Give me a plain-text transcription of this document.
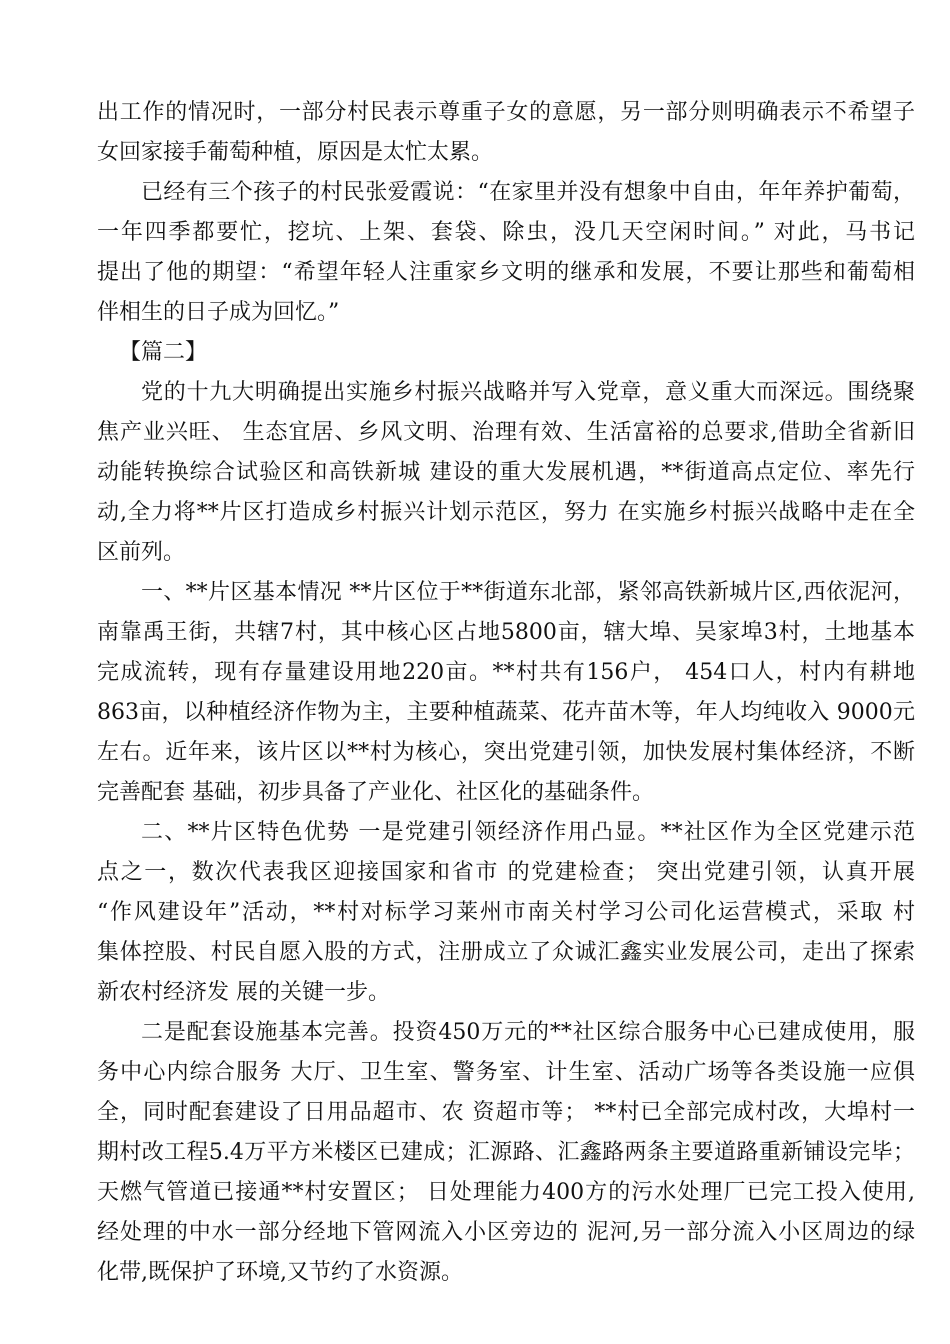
出工作的情况时，一部分村民表示尊重子女的意愿，另一部分则明确表示不希望子
女回家接手葡萄种植，原因是太忙太累。
已经有三个孩子的村民张爱霞说：“在家里并没有想象中自由，年年养护葡萄，
一年四季都要忙，挖坑、上架、套袋、除虫，没几天空闲时间。” 对此，马书记
提出了他的期望：“希望年轻人注重家乡文明的继承和发展，不要让那些和葡萄相
伴相生的日子成为回忆。”
【篇二】
党的十九大明确提出实施乡村振兴战略并写入党章，意义重大而深远。围绕聚
焦产业兴旺、 生态宜居、乡风文明、治理有效、生活富裕的总要求,借助全省新旧
动能转换综合试验区和高铁新城 建设的重大发展机遇，**街道高点定位、率先行
动,全力将**片区打造成乡村振兴计划示范区，努力 在实施乡村振兴战略中走在全
区前列。
一、**片区基本情况 **片区位于**街道东北部，紧邻高铁新城片区,西依泥河，
南靠禹王街，共辖7村，其中核心区占地5800亩，辖大埠、吴家埠3村，土地基本
完成流转，现有存量建设用地220亩。**村共有156户， 454口人，村内有耕地
863亩，以种植经济作物为主，主要种植蔬菜、花卉苗木等，年人均纯收入 9000元
左右。近年来，该片区以**村为核心，突出党建引领，加快发展村集体经济，不断
完善配套 基础，初步具备了产业化、社区化的基础条件。
二、**片区特色优势 一是党建引领经济作用凸显。**社区作为全区党建示范
点之一，数次代表我区迎接国家和省市 的党建检查； 突出党建引领，认真开展
“作风建设年”活动，**村对标学习莱州市南关村学习公司化运营模式，采取 村
集体控股、村民自愿入股的方式，注册成立了众诚汇鑫实业发展公司，走出了探索
新农村经济发 展的关键一步。
二是配套设施基本完善。投资450万元的**社区综合服务中心已建成使用，服
务中心内综合服务 大厅、卫生室、警务室、计生室、活动广场等各类设施一应俱
全，同时配套建设了日用品超市、农 资超市等； **村已全部完成村改，大埠村一
期村改工程5.4万平方米楼区已建成；汇源路、汇鑫路两条主要道路重新铺设完毕；
天燃气管道已接通**村安置区； 日处理能力400方的污水处理厂已完工投入使用,
经处理的中水一部分经地下管网流入小区旁边的 泥河,另一部分流入小区周边的绿
化带,既保护了环境,又节约了水资源。
